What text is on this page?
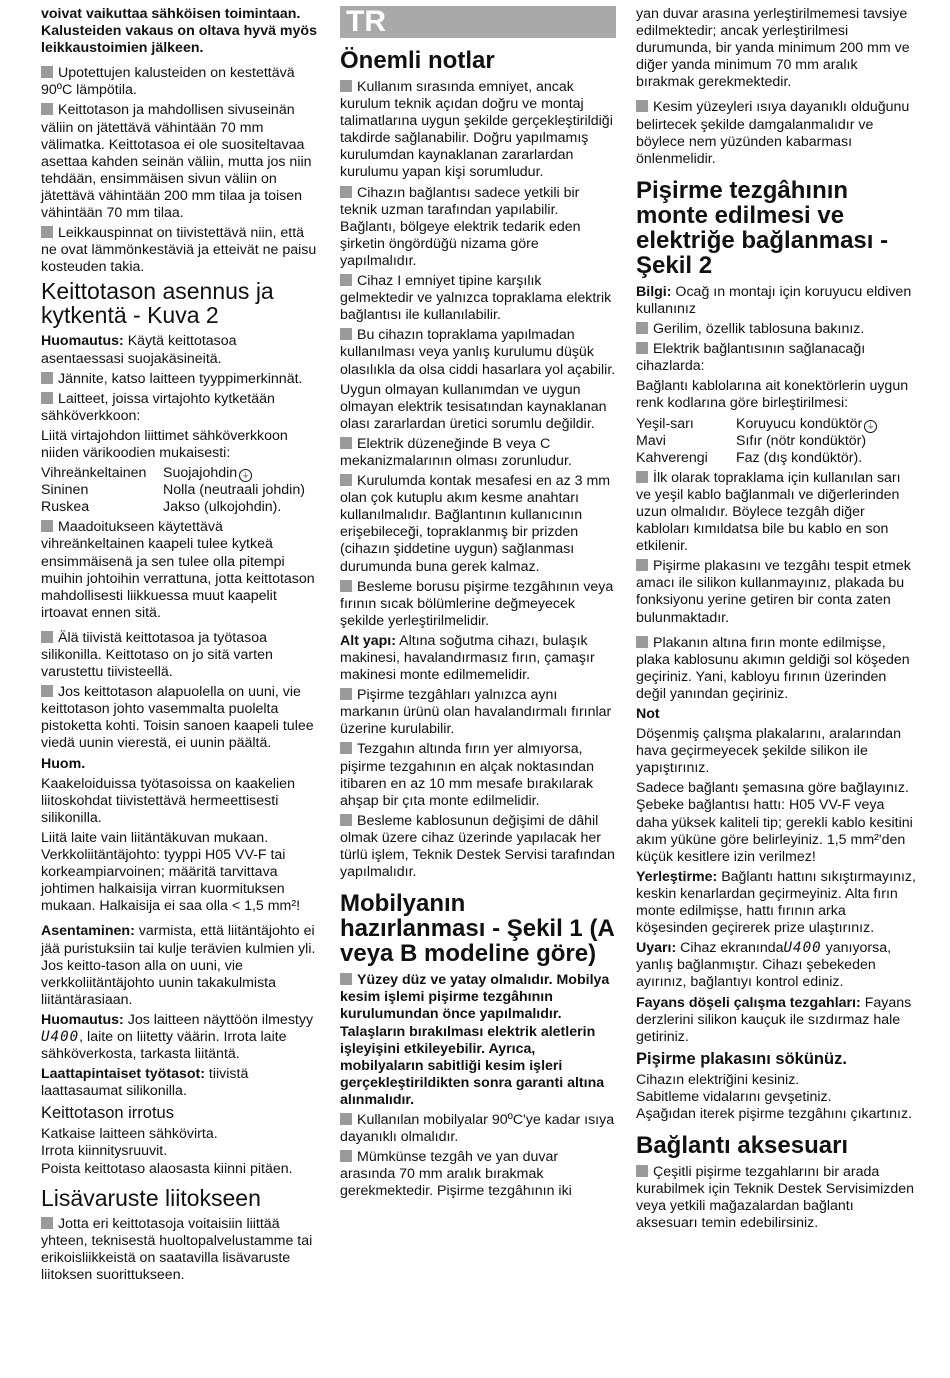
voivat vaikuttaa sähköisen toimintaan. Kalusteiden vakaus on oltava hyvä myös leikkaustoimien jälkeen.

Upotettujen kalusteiden on kestettävä 90ºC lämpötila.

Keittotason ja mahdollisen sivuseinän väliin on jätettävä vähintään 70 mm välimatka. Keittotasoa ei ole suositeltavaa asettaa kahden seinän väliin, mutta jos niin tehdään, ensimmäisen sivun väliin on jätettävä vähintään 200 mm tilaa ja toisen vähintään 70 mm tilaa.

Leikkauspinnat on tiivistettävä niin, että ne ovat lämmönkestäviä ja etteivät ne paisu kosteuden takia.

Keittotason asennus ja kytkentä - Kuva 2

Huomautus: Käytä keittotasoa asentaessasi suojakäsineitä.

Jännite, katso laitteen tyyppimerkinnät.

Laitteet, joissa virtajohto kytketään sähköverkkoon:

Liitä virtajohdon liittimet sähköverkkoon niiden värikoodien mukaisesti:

Vihreänkeltainen	Suojajohdin ⏚
Sininen	Nolla (neutraali johdin)
Ruskea	Jakso (ulkojohdin).

Maadoitukseen käytettävä vihreänkeltainen kaapeli tulee kytkeä ensimmäisenä ja sen tulee olla pitempi muihin johtoihin verrattuna, jotta keittotason mahdollisesti liikkuessa muut kaapelit irtoavat ennen sitä.

Älä tiivistä keittotasoa ja työtasoa silikonilla. Keittotaso on jo sitä varten varustettu tiivisteellä.

Jos keittotason alapuolella on uuni, vie keittotason johto vasemmalta puolelta pistoketta kohti. Toisin sanoen kaapeli tulee viedä uunin vierestä, ei uunin päältä.

Huom.

Kaakeloiduissa työtasoissa on kaakelien liitoskohdat tiivistettävä hermeettisesti silikonilla.

Liitä laite vain liitäntäkuvan mukaan. Verkkoliitäntäjohto: tyyppi H05 VV-F tai korkeampiarvoinen; määritä tarvittava johtimen halkaisija virran kuormituksen mukaan. Halkaisija ei saa olla < 1,5 mm²!

Asentaminen: varmista, että liitäntäjohto ei jää puristuksiin tai kulje terävien kulmien yli. Jos keitto-tason alla on uuni, vie verkkoliitäntäjohto uunin takakulmista liitäntärasiaan.

Huomautus: Jos laitteen näyttöön ilmestyy U400, laite on liitetty väärin. Irrota laite sähköverkosta, tarkasta liitäntä.

Laattapintaiset työtasot: tiivistä laattasaumat silikonilla.

Keittotason irrotus

Katkaise laitteen sähkövirta.

Irrota kiinnitysruuvit.

Poista keittotaso alaosasta kiinni pitäen.

Lisävaruste liitokseen

Jotta eri keittotasoja voitaisiin liittää yhteen, teknisestä huoltopalvelustamme tai erikoisliikkeistä on saatavilla lisävaruste liitoksen suorittukseen.

TR
Önemli notlar

Kullanım sırasında emniyet, ancak kurulum teknik açıdan doğru ve montaj talimatlarına uygun şekilde gerçekleştirildiği takdirde sağlanabilir. Doğru yapılmamış kurulumdan kaynaklanan zararlardan kurulumu yapan kişi sorumludur.

Cihazın bağlantısı sadece yetkili bir teknik uzman tarafından yapılabilir. Bağlantı, bölgeye elektrik tedarik eden şirketin öngördüğü nizama göre yapılmalıdır.

Cihaz I emniyet tipine karşılık gelmektedir ve yalnızca topraklama elektrik bağlantısı ile kullanılabilir.

Bu cihazın topraklama yapılmadan kullanılması veya yanlış kurulumu düşük olasılıkla da olsa ciddi hasarlara yol açabilir.

Uygun olmayan kullanımdan ve uygun olmayan elektrik tesisatından kaynaklanan olası zararlardan üretici sorumlu değildir.

Elektrik düzeneğinde B veya C mekanizmalarının olması zorunludur.

Kurulumda kontak mesafesi en az 3 mm olan çok kutuplu akım kesme anahtarı kullanılmalıdır. Bağlantının kullanıcının erişebileceği, topraklanmış bir prizden (cihazın şiddetine uygun) sağlanması durumunda buna gerek kalmaz.

Besleme borusu pişirme tezgâhının veya fırının sıcak bölümlerine değmeyecek şekilde yerleştirilmelidir.

Alt yapı: Altına soğutma cihazı, bulaşık makinesi, havalandırmasız fırın, çamaşır makinesi monte edilmemelidir.

Pişirme tezgâhları yalnızca aynı markanın ürünü olan havalandırmalı fırınlar üzerine kurulabilir.

Tezgahın altında fırın yer almıyorsa, pişirme tezgahının en alçak noktasından itibaren en az 10 mm mesafe bırakılarak ahşap bir çıta monte edilmelidir.

Besleme kablosunun değişimi de dâhil olmak üzere cihaz üzerinde yapılacak her türlü işlem, Teknik Destek Servisi tarafından yapılmalıdır.

Mobilyanın hazırlanması - Şekil 1 (A veya B modeline göre)

Yüzey düz ve yatay olmalıdır. Mobilya kesim işlemi pişirme tezgâhının kurulumundan önce yapılmalıdır. Talaşların bırakılması elektrik aletlerin işleyişini etkileyebilir. Ayrıca, mobilyaların sabitliği kesim işleri gerçekleştirildikten sonra garanti altına alınmalıdır.

Kullanılan mobilyalar 90ºC'ye kadar ısıya dayanıklı olmalıdır.

Mümkünse tezgâh ve yan duvar arasında 70 mm aralık bırakmak gerekmektedir. Pişirme tezgâhının iki

yan duvar arasına yerleştirilmemesi tavsiye edilmektedir; ancak yerleştirilmesi durumunda, bir yanda minimum 200 mm ve diğer yanda minimum 70 mm aralık bırakmak gerekmektedir.

Kesim yüzeyleri ısıya dayanıklı olduğunu belirtecek şekilde damgalanmalıdır ve böylece nem yüzünden kabarması önlenmelidir.

Pişirme tezgâhının monte edilmesi ve elektriğe bağlanması - Şekil 2

Bilgi: Ocağ ın montajı için koruyucu eldiven kullanınız

Gerilim, özellik tablosuna bakınız.

Elektrik bağlantısının sağlanacağı cihazlarda:

Bağlantı kablolarına ait konektörlerin uygun renk kodlarına göre birleştirilmesi:

Yeşil-sarı	Koruyucu kondüktör ⏚
Mavi	Sıfır (nötr kondüktör)
Kahverengi	Faz (dış kondüktör).

İlk olarak topraklama için kullanılan sarı ve yeşil kablo bağlanmalı ve diğerlerinden uzun olmalıdır. Böylece tezgâh diğer kabloları kımıldatsa bile bu kablo en son etkilenir.

Pişirme plakasını ve tezgâhı tespit etmek amacı ile silikon kullanmayınız, plakada bu fonksiyonu yerine getiren bir conta zaten bulunmaktadır.

Plakanın altına fırın monte edilmişse, plaka kablosunu akımın geldiği sol köşeden geçiriniz. Yani, kabloyu fırının üzerinden değil yanından geçiriniz.

Not

Döşenmiş çalışma plakalarını, aralarından hava geçirmeyecek şekilde silikon ile yapıştırınız.

Sadece bağlantı şemasına göre bağlayınız. Şebeke bağlantısı hattı: H05 VV-F veya daha yüksek kaliteli tip; gerekli kablo kesitini akım yüküne göre belirleyiniz. 1,5 mm²'den küçük kesitlere izin verilmez!

Yerleştirme: Bağlantı hattını sıkıştırmayınız, keskin kenarlardan geçirmeyiniz. Alta fırın monte edilmişse, hattı fırının arka köşesinden geçirerek prize ulaştırınız.

Uyarı: Cihaz ekranındaU400 yanıyorsa, yanlış bağlanmıştır. Cihazı şebekeden ayırınız, bağlantıyı kontrol ediniz.

Fayans döşeli çalışma tezgahları: Fayans derzlerini silikon kauçuk ile sızdırmaz hale getiriniz.

Pişirme plakasını sökünüz.

Cihazın elektriğini kesiniz.

Sabitleme vidalarını gevşetiniz.

Aşağıdan iterek pişirme tezgâhını çıkartınız.

Bağlantı aksesuarı

Çeşitli pişirme tezgahlarını bir arada kurabilmek için Teknik Destek Servisimizden veya yetkili mağazalardan bağlantı aksesuarı temin edebilirsiniz.
